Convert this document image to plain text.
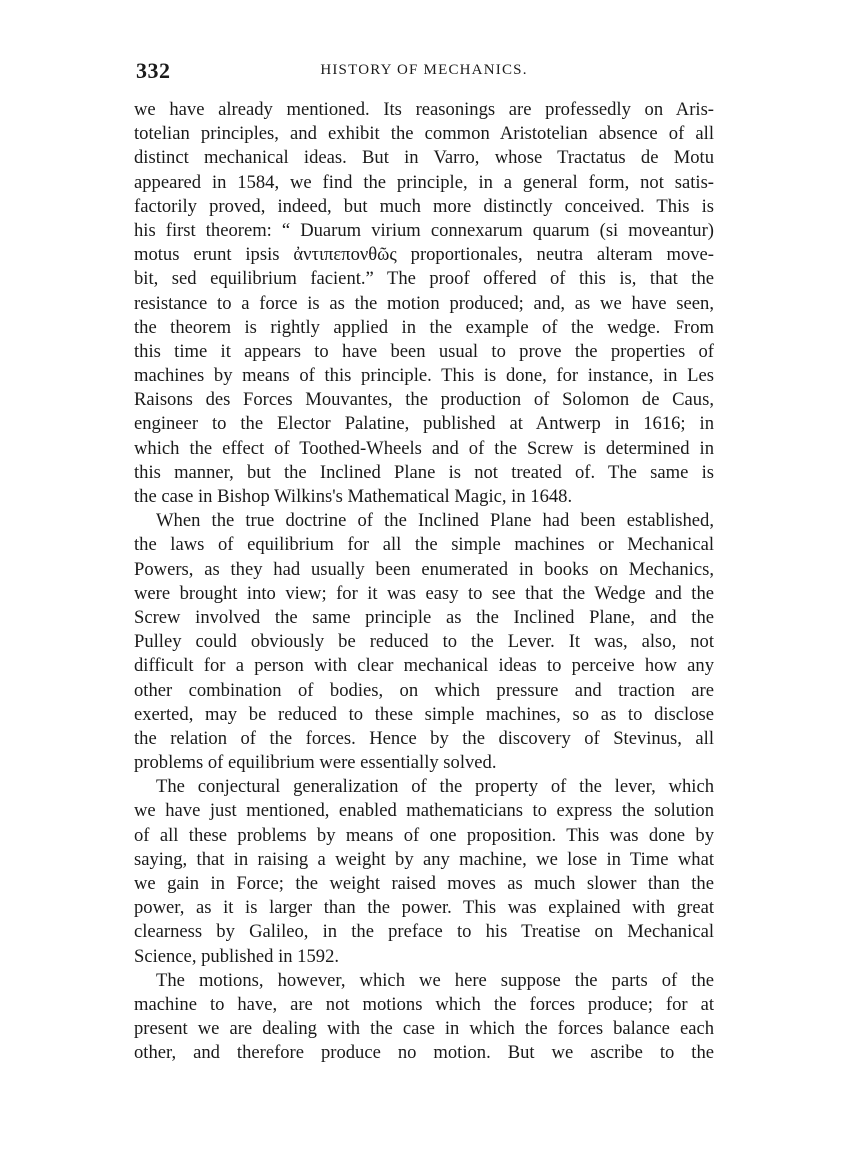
332	HISTORY OF MECHANICS.
we have already mentioned. Its reasonings are professedly on Aris-
totelian principles, and exhibit the common Aristotelian absence of all
distinct mechanical ideas. But in Varro, whose Tractatus de Motu
appeared in 1584, we find the principle, in a general form, not satis-
factorily proved, indeed, but much more distinctly conceived. This is
his first theorem: “ Duarum virium connexarum quarum (si moveantur)
motus erunt ipsis ἀντιπεπονθῶς proportionales, neutra alteram move-
bit, sed equilibrium facient.” The proof offered of this is, that the
resistance to a force is as the motion produced; and, as we have seen,
the theorem is rightly applied in the example of the wedge. From
this time it appears to have been usual to prove the properties of
machines by means of this principle. This is done, for instance, in Les
Raisons des Forces Mouvantes, the production of Solomon de Caus,
engineer to the Elector Palatine, published at Antwerp in 1616; in
which the effect of Toothed-Wheels and of the Screw is determined in
this manner, but the Inclined Plane is not treated of. The same is
the case in Bishop Wilkins's Mathematical Magic, in 1648.
When the true doctrine of the Inclined Plane had been established,
the laws of equilibrium for all the simple machines or Mechanical
Powers, as they had usually been enumerated in books on Mechanics,
were brought into view; for it was easy to see that the Wedge and the
Screw involved the same principle as the Inclined Plane, and the
Pulley could obviously be reduced to the Lever. It was, also, not
difficult for a person with clear mechanical ideas to perceive how any
other combination of bodies, on which pressure and traction are
exerted, may be reduced to these simple machines, so as to disclose
the relation of the forces. Hence by the discovery of Stevinus, all
problems of equilibrium were essentially solved.
The conjectural generalization of the property of the lever, which
we have just mentioned, enabled mathematicians to express the solution
of all these problems by means of one proposition. This was done by
saying, that in raising a weight by any machine, we lose in Time what
we gain in Force; the weight raised moves as much slower than the
power, as it is larger than the power. This was explained with great
clearness by Galileo, in the preface to his Treatise on Mechanical
Science, published in 1592.
The motions, however, which we here suppose the parts of the
machine to have, are not motions which the forces produce; for at
present we are dealing with the case in which the forces balance each
other, and therefore produce no motion. But we ascribe to the
